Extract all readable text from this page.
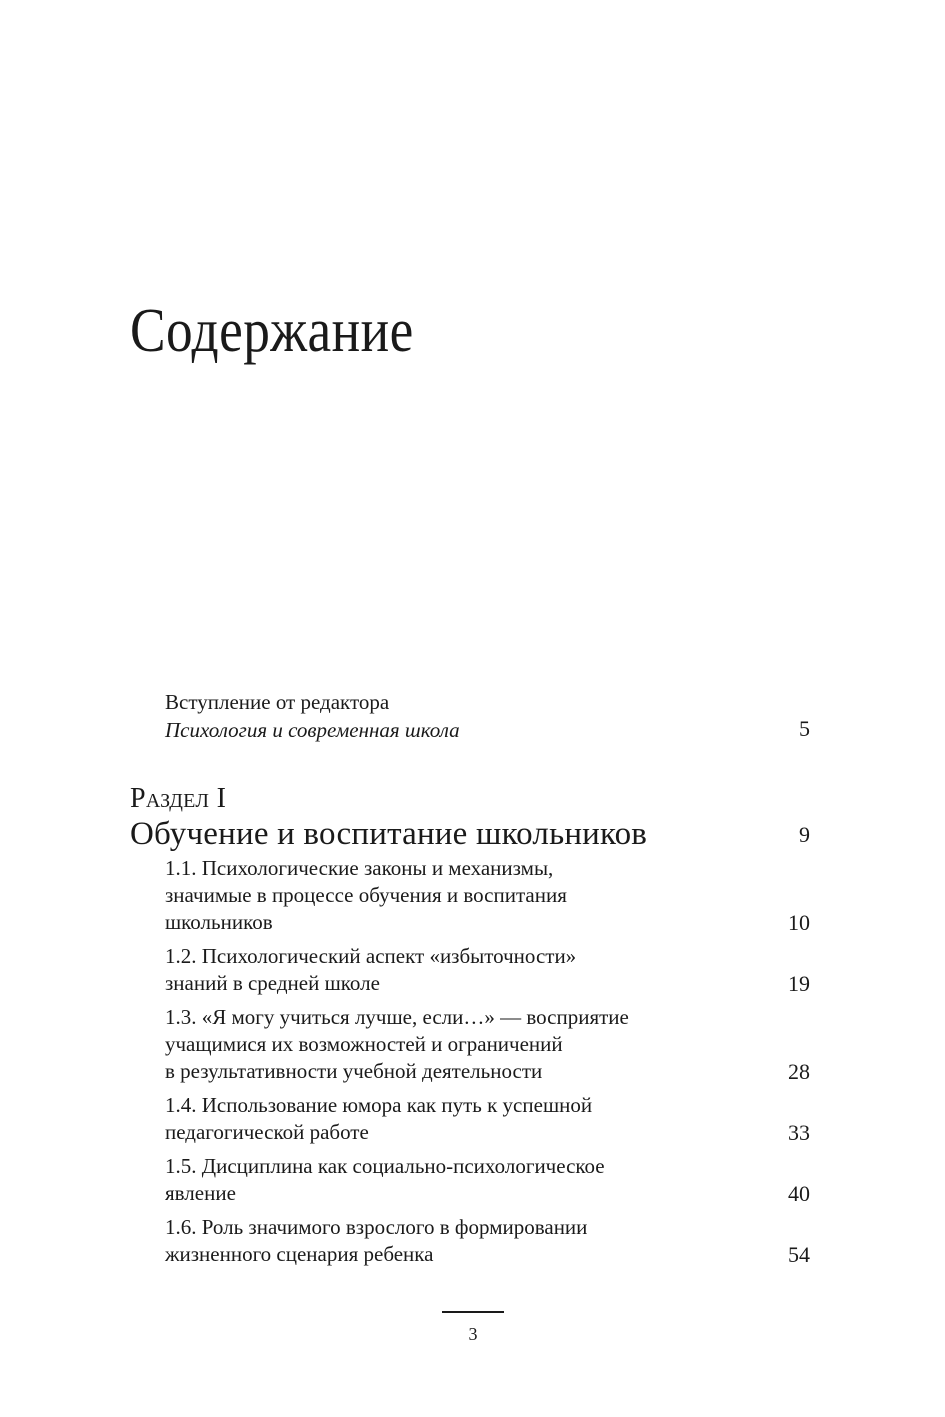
Содержание
Вступление от редактора
Психология и современная школа	5
Раздел I
Обучение и воспитание школьников	9
1.1. Психологические законы и механизмы,
значимые в процессе обучения и воспитания
школьников	10
1.2. Психологический аспект «избыточности»
знаний в средней школе	19
1.3. «Я могу учиться лучше, если…» — восприятие
учащимися их возможностей и ограничений
в результативности учебной деятельности	28
1.4. Использование юмора как путь к успешной
педагогической работе	33
1.5. Дисциплина как социально-психологическое
явление	40
1.6. Роль значимого взрослого в формировании
жизненного сценария ребенка	54
3
